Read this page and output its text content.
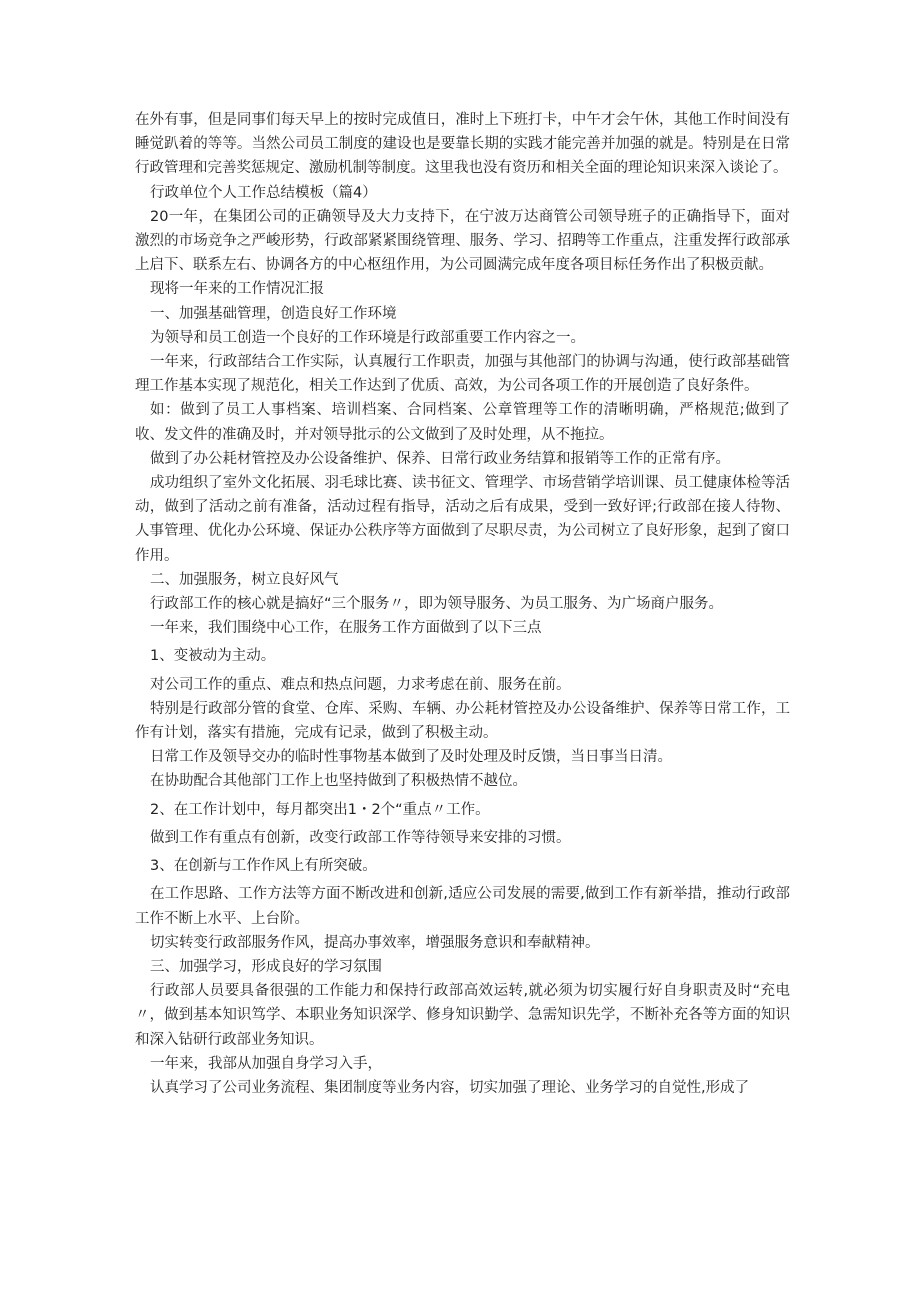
在外有事，但是同事们每天早上的按时完成值日，准时上下班打卡，中午才会午休，其他工作时间没有睡觉趴着的等等。当然公司员工制度的建设也是要靠长期的实践才能完善并加强的就是。特别是在日常行政管理和完善奖惩规定、激励机制等制度。这里我也没有资历和相关全面的理论知识来深入谈论了。

行政单位个人工作总结模板（篇4）

20一年，在集团公司的正确领导及大力支持下，在宁波万达商管公司领导班子的正确指导下，面对激烈的市场竞争之严峻形势，行政部紧紧围绕管理、服务、学习、招聘等工作重点，注重发挥行政部承上启下、联系左右、协调各方的中心枢纽作用，为公司圆满完成年度各项目标任务作出了积极贡献。

现将一年来的工作情况汇报

一、加强基础管理，创造良好工作环境

为领导和员工创造一个良好的工作环境是行政部重要工作内容之一。

一年来，行政部结合工作实际，认真履行工作职责，加强与其他部门的协调与沟通，使行政部基础管理工作基本实现了规范化，相关工作达到了优质、高效，为公司各项工作的开展创造了良好条件。

如：做到了员工人事档案、培训档案、合同档案、公章管理等工作的清晰明确，严格规范;做到了收、发文件的准确及时，并对领导批示的公文做到了及时处理，从不拖拉。

做到了办公耗材管控及办公设备维护、保养、日常行政业务结算和报销等工作的正常有序。

成功组织了室外文化拓展、羽毛球比赛、读书征文、管理学、市场营销学培训课、员工健康体检等活动，做到了活动之前有准备，活动过程有指导，活动之后有成果，受到一致好评;行政部在接人待物、人事管理、优化办公环境、保证办公秩序等方面做到了尽职尽责，为公司树立了良好形象，起到了窗口作用。

二、加强服务，树立良好风气

行政部工作的核心就是搞好“三个服务〃，即为领导服务、为员工服务、为广场商户服务。

一年来，我们围绕中心工作，在服务工作方面做到了以下三点

1、变被动为主动。

对公司工作的重点、难点和热点问题，力求考虑在前、服务在前。

特别是行政部分管的食堂、仓库、采购、车辆、办公耗材管控及办公设备维护、保养等日常工作，工作有计划，落实有措施，完成有记录，做到了积极主动。

日常工作及领导交办的临时性事物基本做到了及时处理及时反馈，当日事当日清。

在协助配合其他部门工作上也坚持做到了积极热情不越位。

2、在工作计划中，每月都突出1・2个“重点〃工作。

做到工作有重点有创新，改变行政部工作等待领导来安排的习惯。

3、在创新与工作作风上有所突破。

在工作思路、工作方法等方面不断改进和创新,适应公司发展的需要,做到工作有新举措，推动行政部工作不断上水平、上台阶。

切实转变行政部服务作风，提高办事效率，增强服务意识和奉献精神。

三、加强学习，形成良好的学习氛围

行政部人员要具备很强的工作能力和保持行政部高效运转,就必须为切实履行好自身职责及时“充电〃，做到基本知识笃学、本职业务知识深学、修身知识勤学、急需知识先学，不断补充各等方面的知识和深入钻研行政部业务知识。

一年来，我部从加强自身学习入手，

认真学习了公司业务流程、集团制度等业务内容，切实加强了理论、业务学习的自觉性,形成了
